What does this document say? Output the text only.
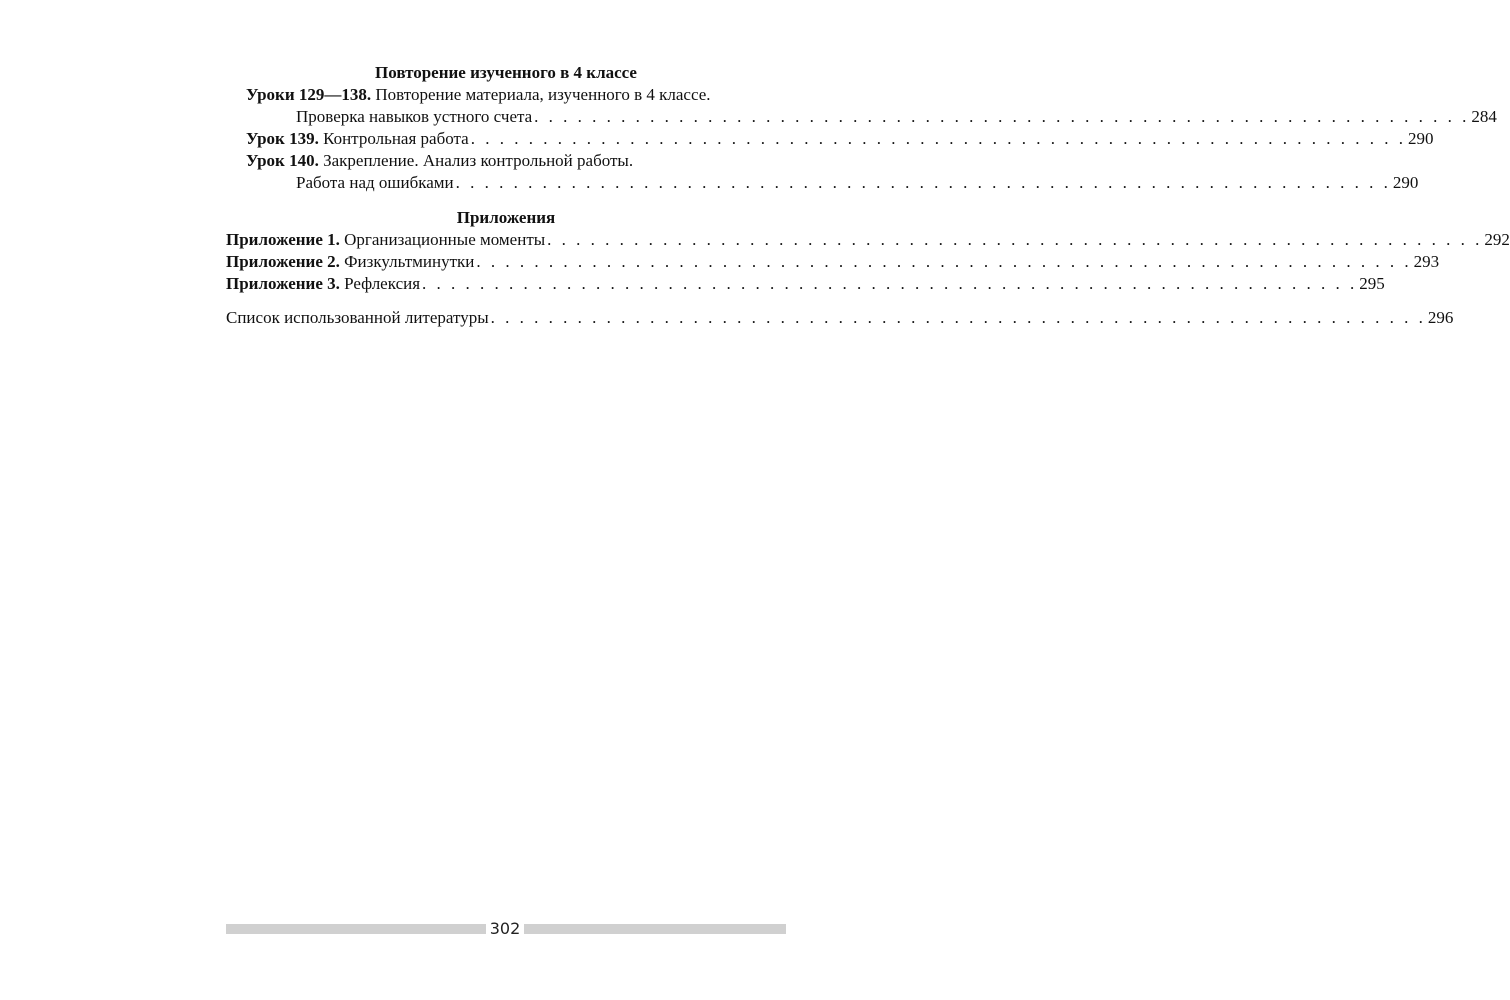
Повторение изученного в 4 классе
Уроки 129—138. Повторение материала, изученного в 4 классе.
Проверка навыков устного счета . . . . . . . . . . . . . . . . . . . . . . . . . . . . . . . . . . . . . . . . . . . . . . . . . . . . . . . . . . . . . . . . . 284
Урок 139. Контрольная работа . . . . . . . . . . . . . . . . . . . . . . . . . . . . . . . . . . . . . . . . . . . . . . . . . . . . . . . . . . . . . . . . . 290
Урок 140. Закрепление. Анализ контрольной работы.
Работа над ошибками . . . . . . . . . . . . . . . . . . . . . . . . . . . . . . . . . . . . . . . . . . . . . . . . . . . . . . . . . . . . . . . . . 290
Приложения
Приложение 1. Организационные моменты . . . . . . . . . . . . . . . . . . . . . . . . . . . . . . . . . . . . . . . . . . . . . . . . . . . . . . . . . . . . . . . . . 292
Приложение 2. Физкультминутки . . . . . . . . . . . . . . . . . . . . . . . . . . . . . . . . . . . . . . . . . . . . . . . . . . . . . . . . . . . . . . . . . 293
Приложение 3. Рефлексия . . . . . . . . . . . . . . . . . . . . . . . . . . . . . . . . . . . . . . . . . . . . . . . . . . . . . . . . . . . . . . . . . 295
Список использованной литературы . . . . . . . . . . . . . . . . . . . . . . . . . . . . . . . . . . . . . . . . . . . . . . . . . . . . . . . . . . . . . . . . . 296
302
